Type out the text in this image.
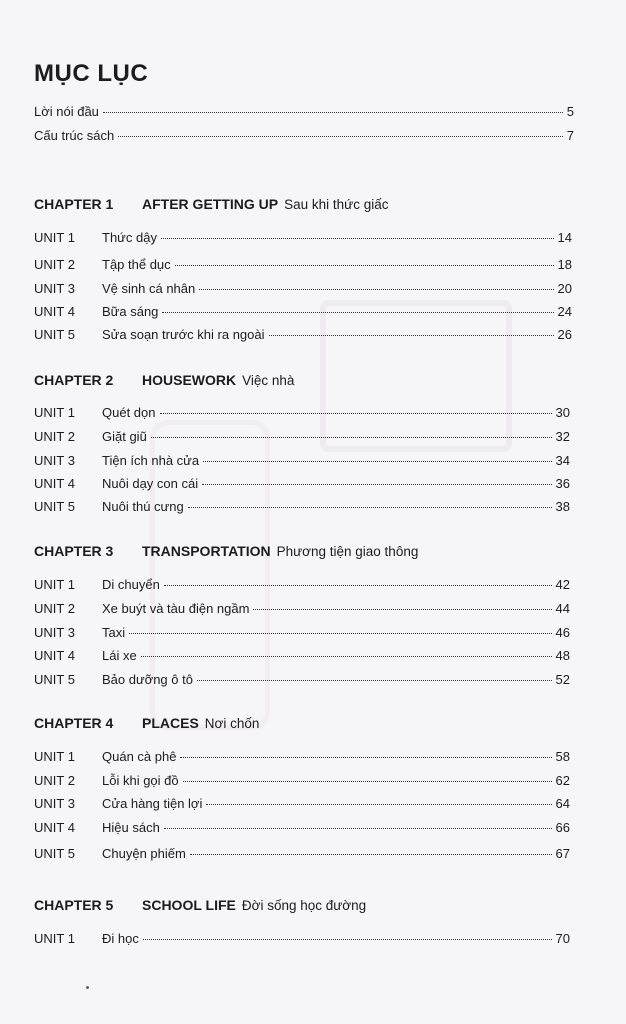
MỤC LỤC
Lời nói đầu	5
Cấu trúc sách	7
CHAPTER 1	AFTER GETTING UP Sau khi thức giấc
UNIT 1	Thức dậy	14
UNIT 2	Tập thể dục	18
UNIT 3	Vệ sinh cá nhân	20
UNIT 4	Bữa sáng	24
UNIT 5	Sửa soạn trước khi ra ngoài	26
CHAPTER 2	HOUSEWORK Việc nhà
UNIT 1	Quét dọn	30
UNIT 2	Giặt giũ	32
UNIT 3	Tiện ích nhà cửa	34
UNIT 4	Nuôi dạy con cái	36
UNIT 5	Nuôi thú cưng	38
CHAPTER 3	TRANSPORTATION Phương tiện giao thông
UNIT 1	Di chuyển	42
UNIT 2	Xe buýt và tàu điện ngầm	44
UNIT 3	Taxi	46
UNIT 4	Lái xe	48
UNIT 5	Bảo dưỡng ô tô	52
CHAPTER 4	PLACES Nơi chốn
UNIT 1	Quán cà phê	58
UNIT 2	Lỗi khi gọi đồ	62
UNIT 3	Cửa hàng tiện lợi	64
UNIT 4	Hiệu sách	66
UNIT 5	Chuyện phiếm	67
CHAPTER 5	SCHOOL LIFE Đời sống học đường
UNIT 1	Đi học	70
